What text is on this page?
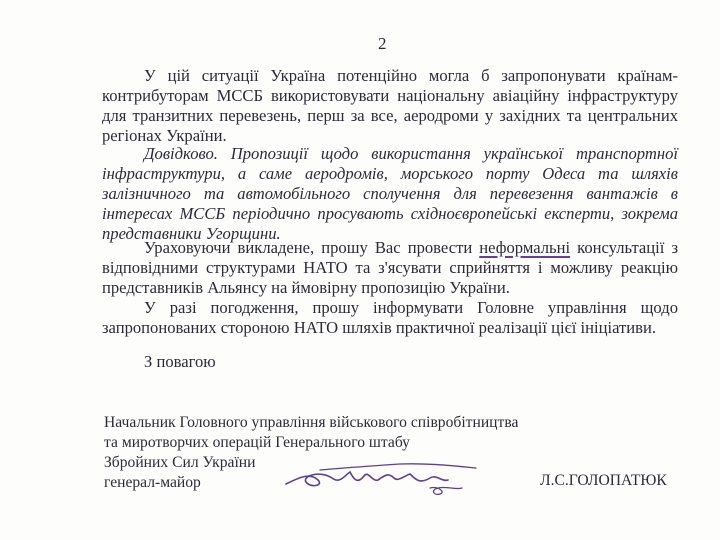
2

У цій ситуації Україна потенційно могла б запропонувати країнам-контрибуторам МССБ використовувати національну авіаційну інфраструктуру для транзитних перевезень, перш за все, аеродроми у західних та центральних регіонах України.

Довідково. Пропозиції щодо використання української транспортної інфраструктури, а саме аеродромів, морського порту Одеса та шляхів залізничного та автомобільного сполучення для перевезення вантажів в інтересах МССБ періодично просувають східноєвропейські експерти, зокрема представники Угорщини.

Ураховуючи викладене, прошу Вас провести неформальні консультації з відповідними структурами НАТО та з'ясувати сприйняття і можливу реакцію представників Альянсу на ймовірну пропозицію України.

У разі погодження, прошу інформувати Головне управління щодо запропонованих стороною НАТО шляхів практичної реалізації цієї ініціативи.

З повагою
Начальник Головного управління військового співробітництва
та миротворчих операцій Генерального штабу
Збройних Сил України
генерал-майор	Л.С.ГОЛОПАТЮК
